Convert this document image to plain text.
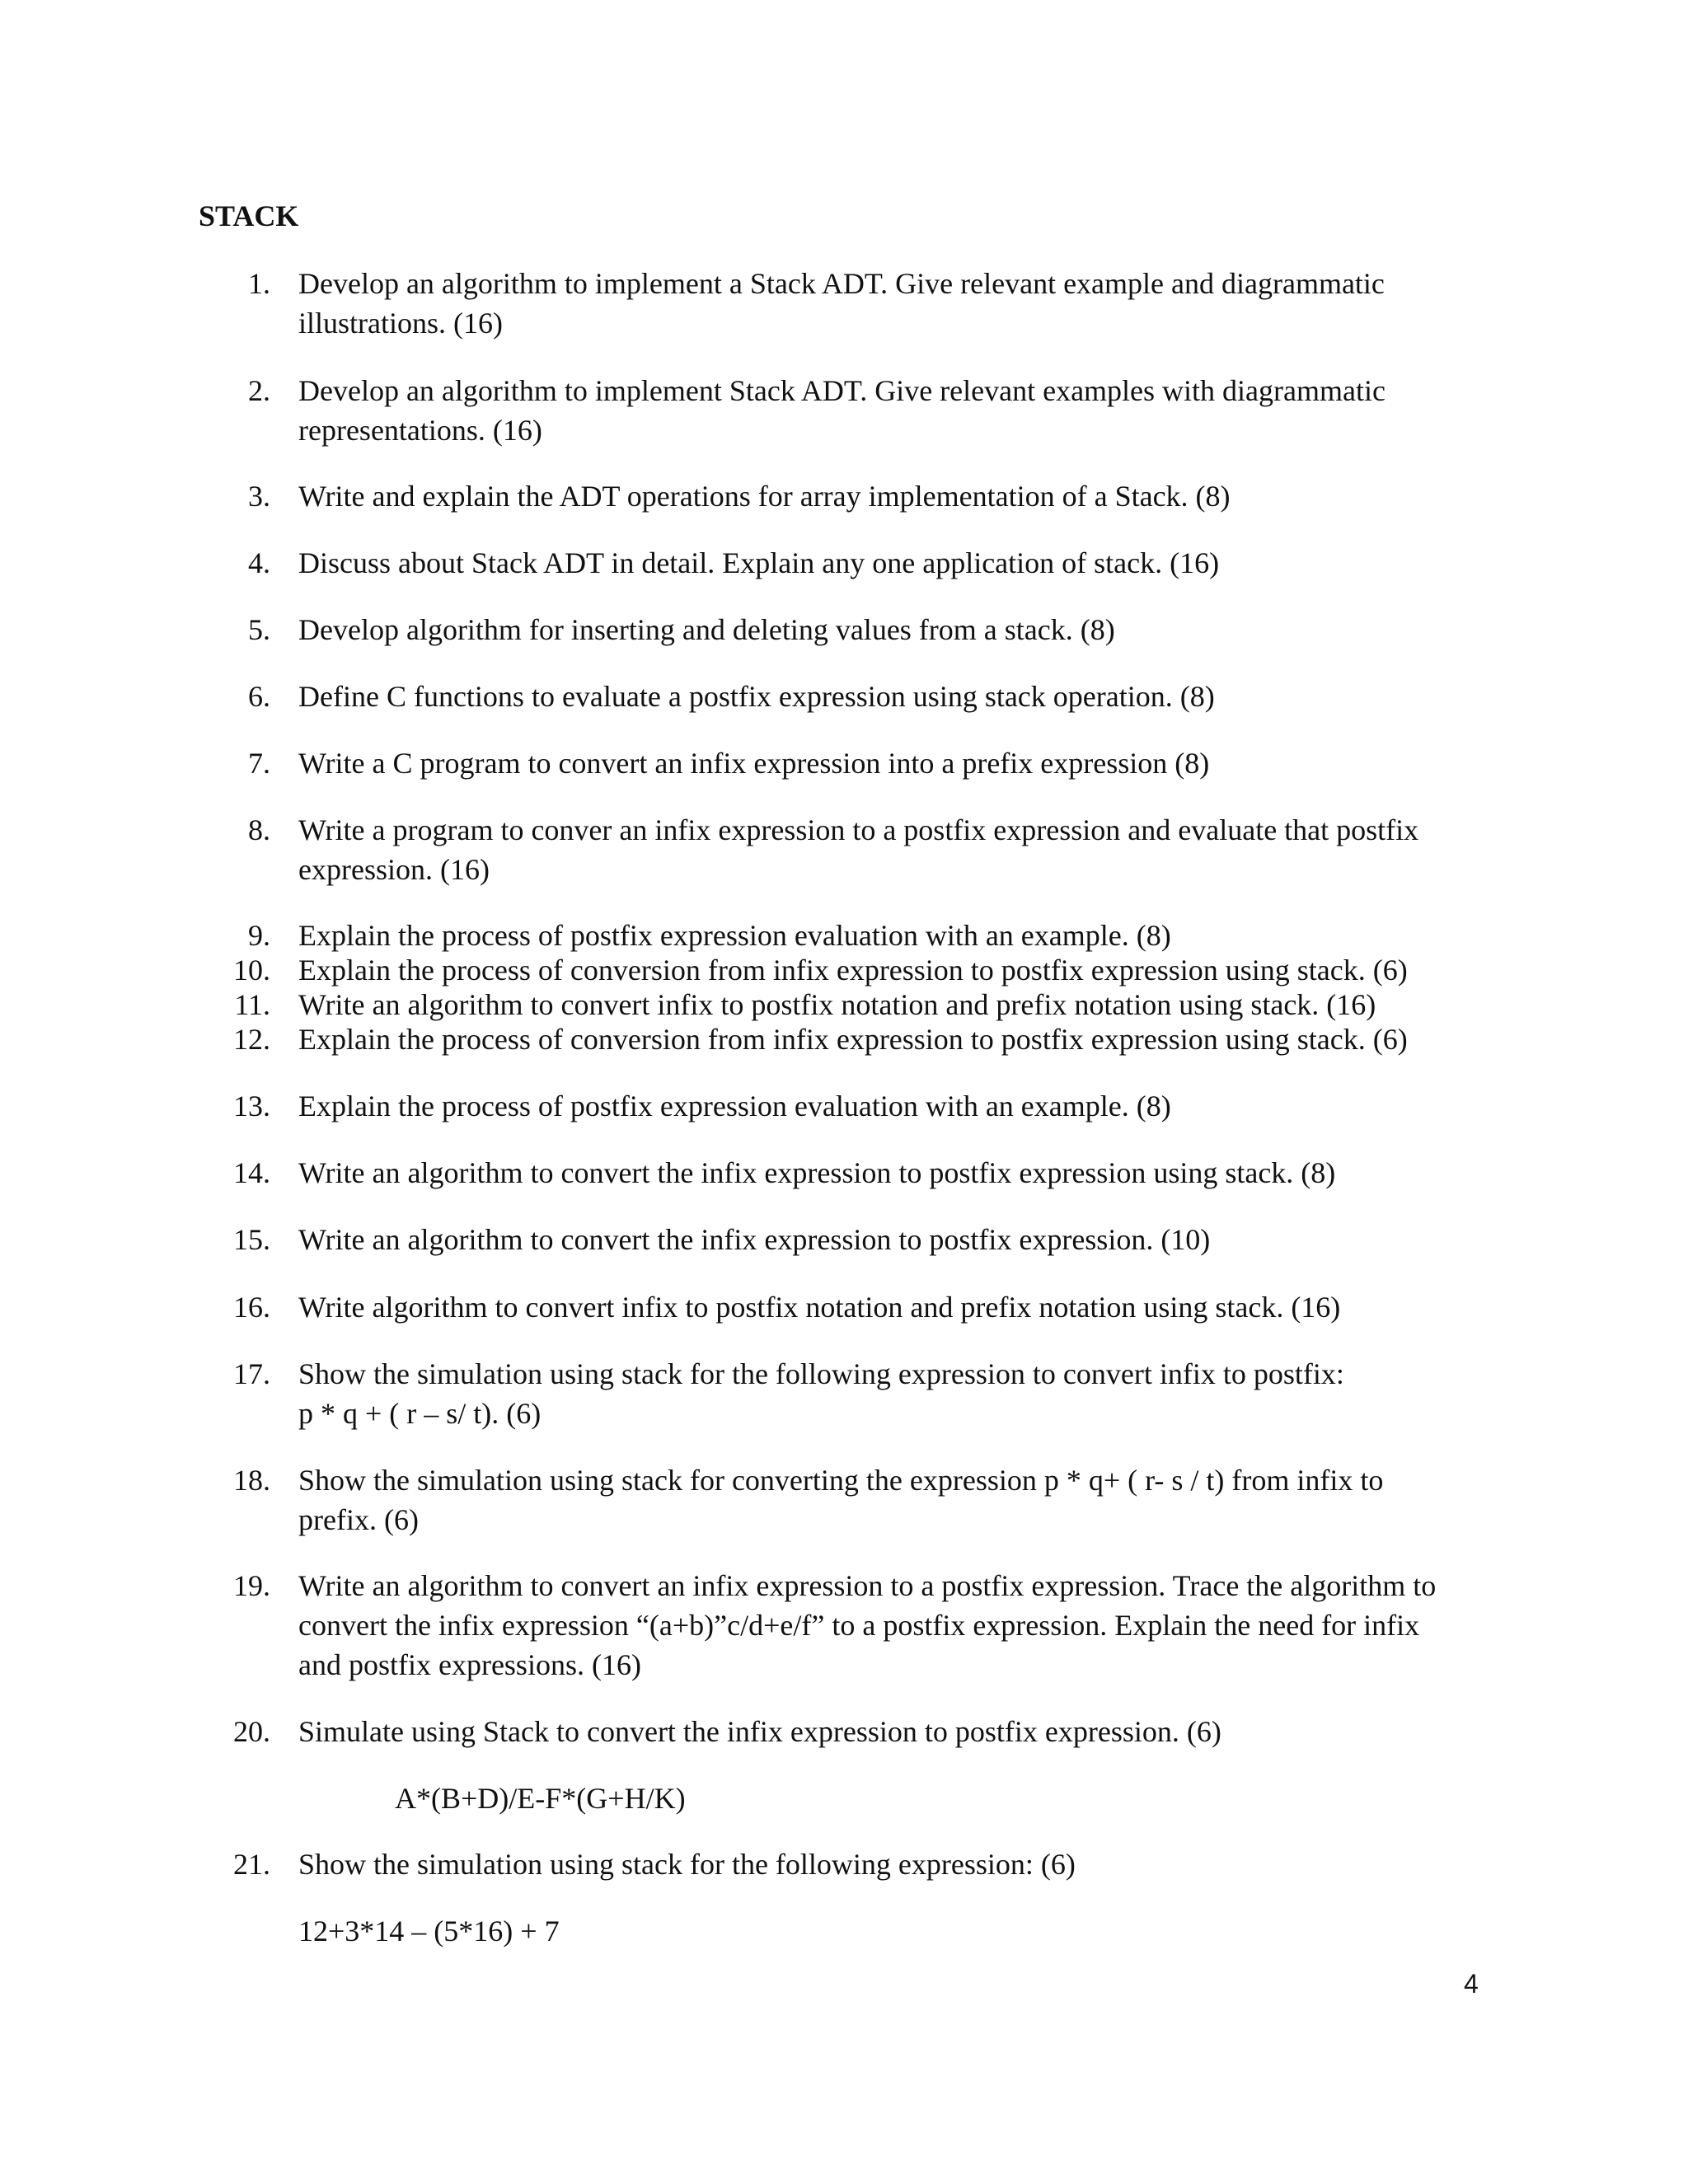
STACK
1. Develop an algorithm to implement a Stack ADT. Give relevant example and diagrammatic
illustrations. (16)
2. Develop an algorithm to implement Stack ADT. Give relevant examples with diagrammatic
representations. (16)
3. Write and explain the ADT operations for array implementation of a Stack. (8)
4. Discuss about Stack ADT in detail. Explain any one application of stack. (16)
5. Develop algorithm for inserting and deleting values from a stack. (8)
6. Define C functions to evaluate a postfix expression using stack operation. (8)
7. Write a C program to convert an infix expression into a prefix expression (8)
8. Write a program to conver an infix expression to a postfix expression and evaluate that postfix
expression. (16)
9. Explain the process of postfix expression evaluation with an example. (8)
10. Explain the process of conversion from infix expression to postfix expression using stack. (6)
11. Write an algorithm to convert infix to postfix notation and prefix notation using stack. (16)
12. Explain the process of conversion from infix expression to postfix expression using stack. (6)
13. Explain the process of postfix expression evaluation with an example. (8)
14. Write an algorithm to convert the infix expression to postfix expression using stack. (8)
15. Write an algorithm to convert the infix expression to postfix expression. (10)
16. Write algorithm to convert infix to postfix notation and prefix notation using stack. (16)
17. Show the simulation using stack for the following expression to convert infix to postfix:
p * q + ( r – s/ t). (6)
18. Show the simulation using stack for converting the expression p * q+ ( r- s / t) from infix to
prefix. (6)
19. Write an algorithm to convert an infix expression to a postfix expression. Trace the algorithm to
convert the infix expression “(a+b)”c/d+e/f” to a postfix expression. Explain the need for infix
and postfix expressions. (16)
20. Simulate using Stack to convert the infix expression to postfix expression. (6)
A*(B+D)/E-F*(G+H/K)
21. Show the simulation using stack for the following expression: (6)
12+3*14 – (5*16) + 7
4
